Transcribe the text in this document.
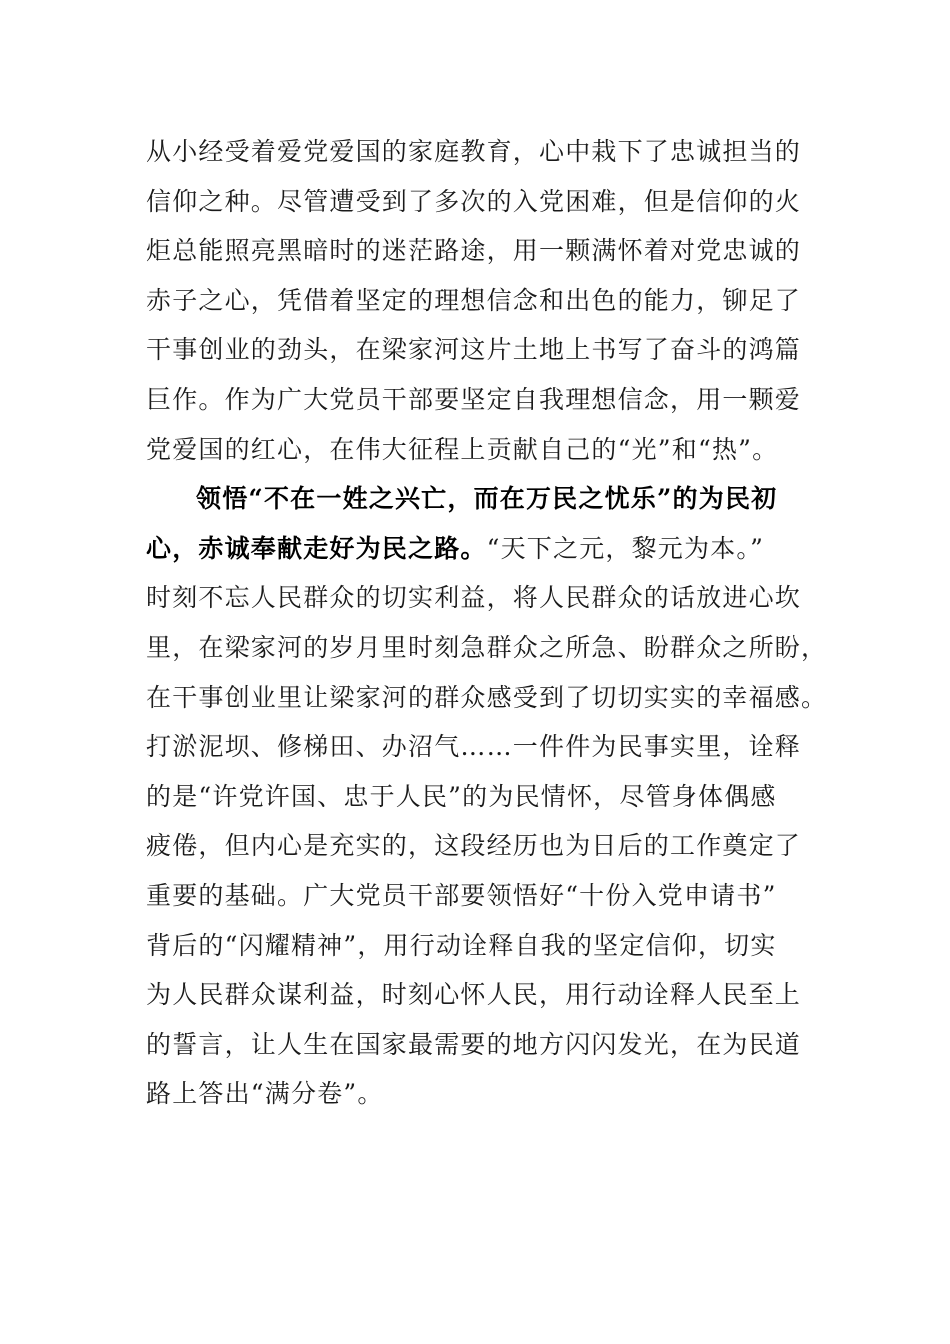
从小经受着爱党爱国的家庭教育，心中栽下了忠诚担当的
信仰之种。尽管遭受到了多次的入党困难，但是信仰的火
炬总能照亮黑暗时的迷茫路途，用一颗满怀着对党忠诚的
赤子之心，凭借着坚定的理想信念和出色的能力，铆足了
干事创业的劲头，在梁家河这片土地上书写了奋斗的鸿篇
巨作。作为广大党员干部要坚定自我理想信念，用一颗爱
党爱国的红心，在伟大征程上贡献自己的“光”和“热”。
领悟“不在一姓之兴亡，而在万民之忧乐”的为民初
心，赤诚奉献走好为民之路。“天下之元，黎元为本。”
时刻不忘人民群众的切实利益，将人民群众的话放进心坎
里，在梁家河的岁月里时刻急群众之所急、盼群众之所盼，
在干事创业里让梁家河的群众感受到了切切实实的幸福感。
打淤泥坝、修梯田、办沼气……一件件为民事实里，诠释
的是“许党许国、忠于人民”的为民情怀，尽管身体偶感
疲倦，但内心是充实的，这段经历也为日后的工作奠定了
重要的基础。广大党员干部要领悟好“十份入党申请书”
背后的“闪耀精神”，用行动诠释自我的坚定信仰，切实
为人民群众谋利益，时刻心怀人民，用行动诠释人民至上
的誓言，让人生在国家最需要的地方闪闪发光，在为民道
路上答出“满分卷”。
